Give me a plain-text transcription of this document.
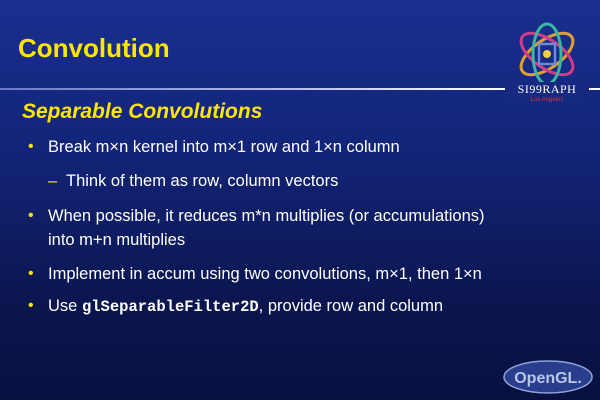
Convolution
SI99RAPH
Los Angeles
Separable Convolutions
• Break m×n kernel into m×1 row and 1×n column
– Think of them as row, column vectors
• When possible, it reduces m*n multiplies (or accumulations)
into m+n multiplies
• Implement in accum using two convolutions, m×1, then 1×n
• Use glSeparableFilter2D, provide row and column
OpenGL.
